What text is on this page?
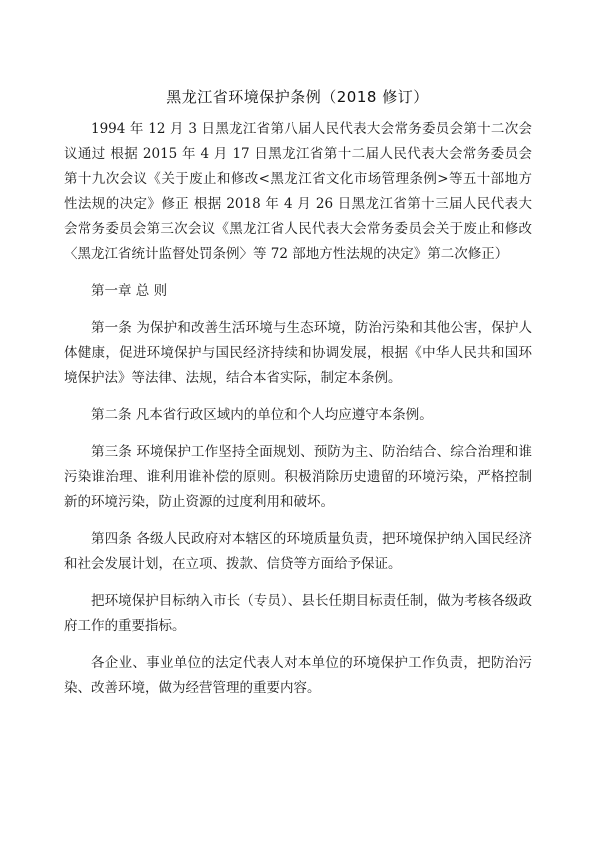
黑龙江省环境保护条例（2018 修订）

1994 年 12 月 3 日黑龙江省第八届人民代表大会常务委员会第十二次会议通过 根据 2015 年 4 月 17 日黑龙江省第十二届人民代表大会常务委员会第十九次会议《关于废止和修改<黑龙江省文化市场管理条例>等五十部地方性法规的决定》修正 根据 2018 年 4 月 26 日黑龙江省第十三届人民代表大会常务委员会第三次会议《黑龙江省人民代表大会常务委员会关于废止和修改〈黑龙江省统计监督处罚条例〉等 72 部地方性法规的决定》第二次修正）

第一章 总 则

第一条 为保护和改善生活环境与生态环境，防治污染和其他公害，保护人体健康，促进环境保护与国民经济持续和协调发展，根据《中华人民共和国环境保护法》等法律、法规，结合本省实际，制定本条例。

第二条 凡本省行政区域内的单位和个人均应遵守本条例。

第三条 环境保护工作坚持全面规划、预防为主、防治结合、综合治理和谁污染谁治理、谁利用谁补偿的原则。积极消除历史遗留的环境污染，严格控制新的环境污染，防止资源的过度利用和破坏。

第四条 各级人民政府对本辖区的环境质量负责，把环境保护纳入国民经济和社会发展计划，在立项、拨款、信贷等方面给予保证。

把环境保护目标纳入市长（专员）、县长任期目标责任制，做为考核各级政府工作的重要指标。

各企业、事业单位的法定代表人对本单位的环境保护工作负责，把防治污染、改善环境，做为经营管理的重要内容。
